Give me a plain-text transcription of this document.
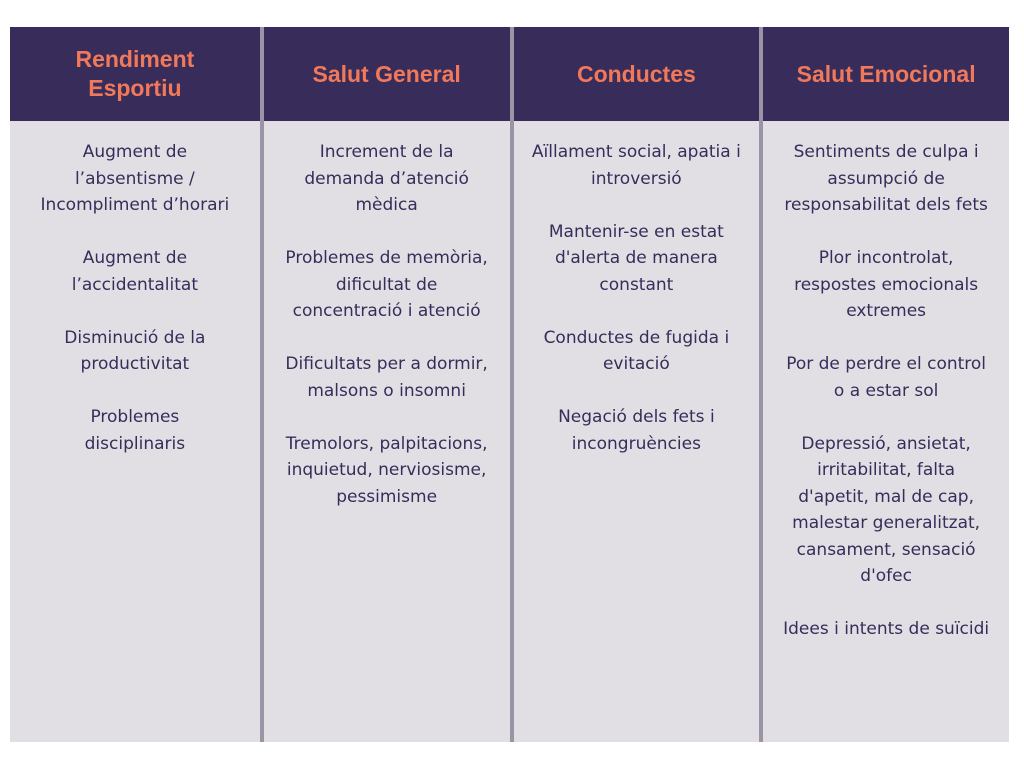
Rendiment
Esportiu
Augment de
l’absentisme /
Incompliment d’horari
Augment de
l’accidentalitat
Disminució de la
productivitat
Problemes
disciplinaris
Salut General
Increment de la
demanda d’atenció
mèdica
Problemes de memòria,
dificultat de
concentració i atenció
Dificultats per a dormir,
malsons o insomni
Tremolors, palpitacions,
inquietud, nerviosisme,
pessimisme
Conductes
Aïllament social, apatia i
introversió
Mantenir-se en estat
d'alerta de manera
constant
Conductes de fugida i
evitació
Negació dels fets i
incongruències
Salut Emocional
Sentiments de culpa i
assumpció de
responsabilitat dels fets
Plor incontrolat,
respostes emocionals
extremes
Por de perdre el control
o a estar sol
Depressió, ansietat,
irritabilitat, falta
d'apetit, mal de cap,
malestar generalitzat,
cansament, sensació
d'ofec
Idees i intents de suïcidi
